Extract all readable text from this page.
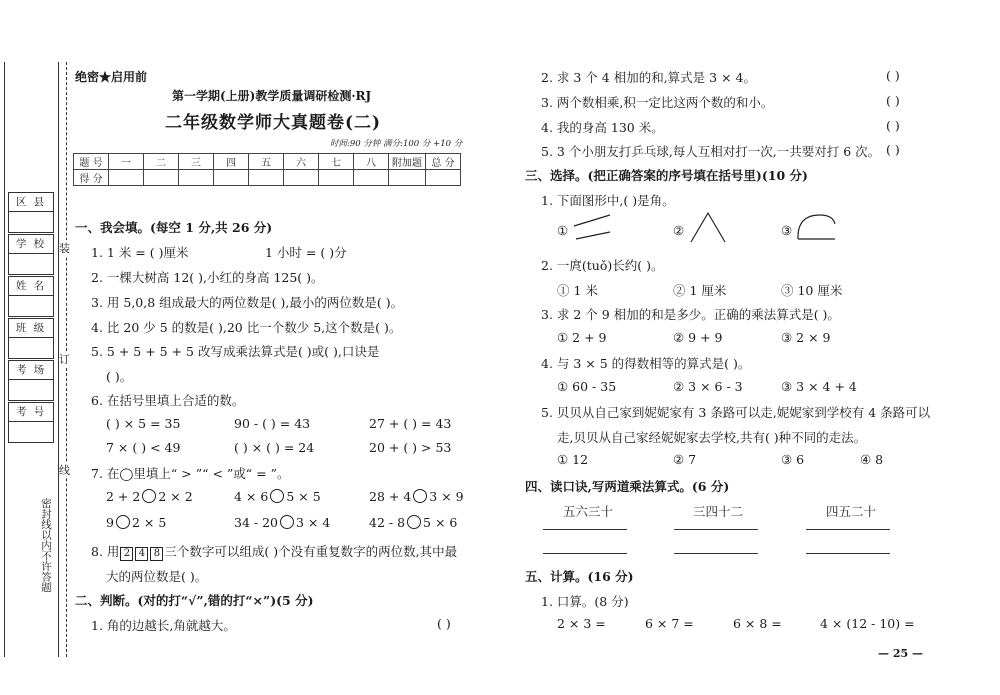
区 县
学 校
姓 名
班 级
考 场
考 号
装
订
线
密封线以内不许答题
绝密★启用前
第一学期(上册)教学质量调研检测·RJ
二年级数学师大真题卷(二)
时间:90 分钟 满分:100 分 +10 分
题 号	一	二	三	四	五	六	七	八	附加题	总 分
得 分										
一、我会填。(每空 1 分,共 26 分)
1. 1 米 = ( )厘米	1 小时 = ( )分
2. 一棵大树高 12( ),小红的身高 125( )。
3. 用 5,0,8 组成最大的两位数是( ),最小的两位数是( )。
4. 比 20 少 5 的数是( ),20 比一个数少 5,这个数是( )。
5. 5 + 5 + 5 + 5 改写成乘法算式是( )或( ),口诀是
( )。
6. 在括号里填上合适的数。
( ) × 5 = 35	90 - ( ) = 43	27 + ( ) = 43
7 × ( ) < 49	( ) × ( ) = 24	20 + ( ) > 53
7. 在◯里填上“ > ”“ < ”或“ = ”。
2 + 2 2 × 2	4 × 6 5 × 5	28 + 4 3 × 9
9 2 × 5	34 - 20 3 × 4	42 - 8 5 × 6
8. 用 2 4 8 三个数字可以组成( )个没有重复数字的两位数,其中最
大的两位数是( )。
二、判断。(对的打“√”,错的打“×”)(5 分)
1. 角的边越长,角就越大。	( )
2. 求 3 个 4 相加的和,算式是 3 × 4。	( )
3. 两个数相乘,积一定比这两个数的和小。	( )
4. 我的身高 130 米。	( )
5. 3 个小朋友打乒乓球,每人互相对打一次,一共要对打 6 次。 ( )
三、选择。(把正确答案的序号填在括号里)(10 分)
1. 下面图形中,( )是角。
①	②	③
2. 一庹(tuǒ)长约( )。
① 1 米	② 1 厘米	③ 10 厘米
3. 求 2 个 9 相加的和是多少。正确的乘法算式是( )。
① 2 + 9	② 9 + 9	③ 2 × 9
4. 与 3 × 5 的得数相等的算式是( )。
① 60 - 35	② 3 × 6 - 3	③ 3 × 4 + 4
5. 贝贝从自己家到妮妮家有 3 条路可以走,妮妮家到学校有 4 条路可以
走,贝贝从自己家经妮妮家去学校,共有( )种不同的走法。
① 12	② 7	③ 6	④ 8
四、读口诀,写两道乘法算式。(6 分)
五六三十	三四十二	四五二十
五、计算。(16 分)
1. 口算。(8 分)
2 × 3 =	6 × 7 =	6 × 8 =	4 × (12 - 10) =
— 25 —
